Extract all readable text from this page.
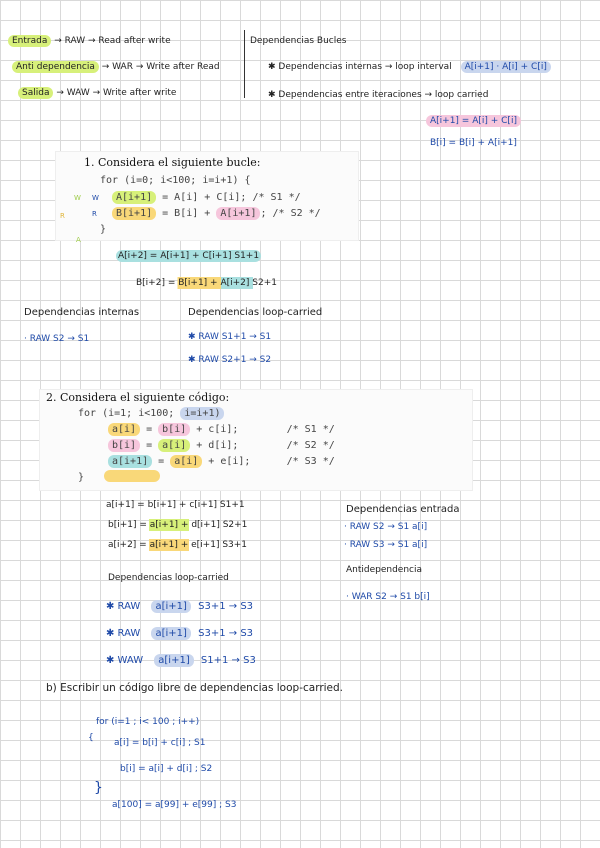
Entrada → RAW → Read after write
Anti dependencia → WAR → Write after Read
Salida → WAW → Write after write
Dependencias Bucles
✱ Dependencias internas → loop interval A[i+1] · A[i] + C[i]
✱ Dependencias entre iteraciones → loop carried
A[i+1] = A[i] + C[i]
B[i] = B[i] + A[i+1]
1. Considera el siguiente bucle:
for (i=0; i<100; i=i+1) {
A[i+1] = A[i] + C[i]; /* S1 */
B[i+1] = B[i] + A[i+1] ; /* S2 */
}
W W
R
R
A
A[i+2] = A[i+1] + C[i+1] S1+1
B[i+2] = B[i+1] + A[i+2] S2+1
Dependencias internas
· RAW S2 → S1
Dependencias loop-carried
✱ RAW S1+1 → S1
✱ RAW S2+1 → S2
2. Considera el siguiente código:
for (i=1; i<100; i=i+1)
a[i] = b[i] + c[i];        /* S1 */
b[i] = a[i] + d[i];        /* S2 */
a[i+1] = a[i] + e[i];      /* S3 */
}
a[i+1] = b[i+1] + c[i+1] S1+1
b[i+1] = a[i+1] + d[i+1] S2+1
a[i+2] = a[i+1] + e[i+1] S3+1
Dependencias entrada
· RAW S2 → S1 a[i]
· RAW S3 → S1 a[i]
Antidependencia
· WAR S2 → S1 b[i]
Dependencias loop-carried
✱ RAW a[i+1] S3+1 → S3
✱ RAW a[i+1] S3+1 → S3
✱ WAW a[i+1] S1+1 → S3
b) Escribir un código libre de dependencias loop-carried.
for (i=1 ; i< 100 ; i++)
{ a[i] = b[i] + c[i] ; S1
b[i] = a[i] + d[i] ; S2
}
a[100] = a[99] + e[99] ; S3
